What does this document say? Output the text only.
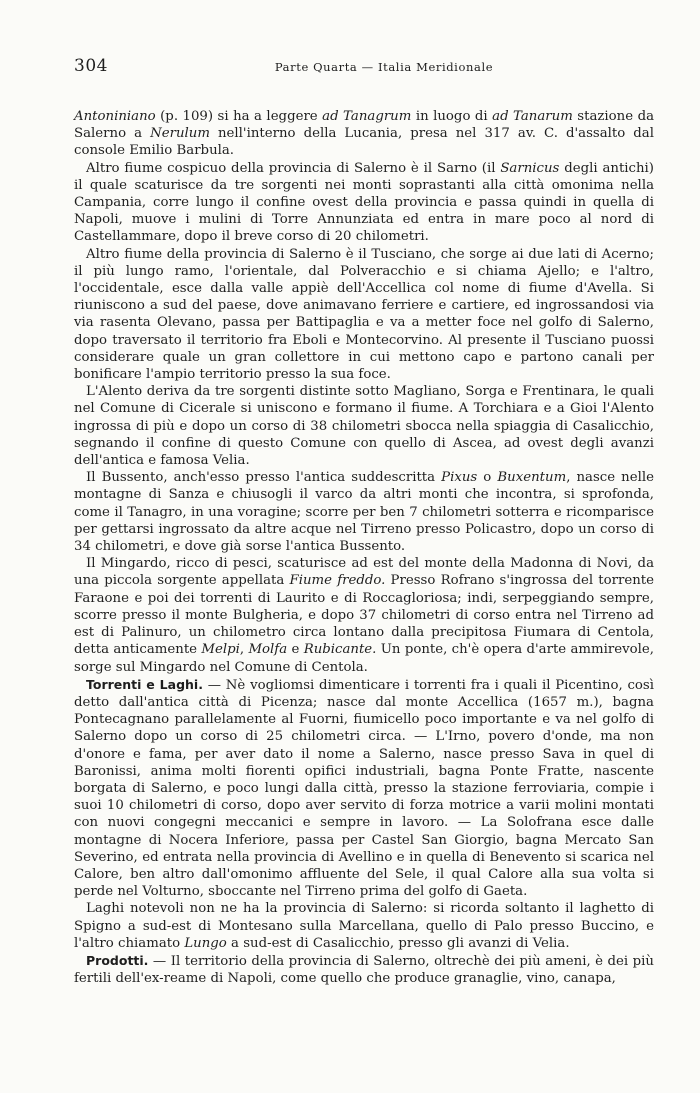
304	Parte Quarta — Italia Meridionale

Antoniniano (p. 109) si ha a leggere ad Tanagrum in luogo di ad Tanarum stazione da Salerno a Nerulum nell'interno della Lucania, presa nel 317 av. C. d'assalto dal console Emilio Barbula.

Altro fiume cospicuo della provincia di Salerno è il Sarno (il Sarnicus degli antichi) il quale scaturisce da tre sorgenti nei monti soprastanti alla città omonima nella Campania, corre lungo il confine ovest della provincia e passa quindi in quella di Napoli, muove i mulini di Torre Annunziata ed entra in mare poco al nord di Castellammare, dopo il breve corso di 20 chilometri.

Altro fiume della provincia di Salerno è il Tusciano, che sorge ai due lati di Acerno; il più lungo ramo, l'orientale, dal Polveracchio e si chiama Ajello; e l'altro, l'occidentale, esce dalla valle appiè dell'Accellica col nome di fiume d'Avella. Si riuniscono a sud del paese, dove animavano ferriere e cartiere, ed ingrossandosi via via rasenta Olevano, passa per Battipaglia e va a metter foce nel golfo di Salerno, dopo traversato il territorio fra Eboli e Montecorvino. Al presente il Tusciano puossi considerare quale un gran collettore in cui mettono capo e partono canali per bonificare l'ampio territorio presso la sua foce.

L'Alento deriva da tre sorgenti distinte sotto Magliano, Sorga e Frentinara, le quali nel Comune di Cicerale si uniscono e formano il fiume. A Torchiara e a Gioi l'Alento ingrossa di più e dopo un corso di 38 chilometri sbocca nella spiaggia di Casalicchio, segnando il confine di questo Comune con quello di Ascea, ad ovest degli avanzi dell'antica e famosa Velia.

Il Bussento, anch'esso presso l'antica suddescritta Pixus o Buxentum, nasce nelle montagne di Sanza e chiusogli il varco da altri monti che incontra, si sprofonda, come il Tanagro, in una voragine; scorre per ben 7 chilometri sotterra e ricomparisce per gettarsi ingrossato da altre acque nel Tirreno presso Policastro, dopo un corso di 34 chilometri, e dove già sorse l'antica Bussento.

Il Mingardo, ricco di pesci, scaturisce ad est del monte della Madonna di Novi, da una piccola sorgente appellata Fiume freddo. Presso Rofrano s'ingrossa del torrente Faraone e poi dei torrenti di Laurito e di Roccagloriosa; indi, serpeggiando sempre, scorre presso il monte Bulgheria, e dopo 37 chilometri di corso entra nel Tirreno ad est di Palinuro, un chilometro circa lontano dalla precipitosa Fiumara di Centola, detta anticamente Melpi, Molfa e Rubicante. Un ponte, ch'è opera d'arte ammirevole, sorge sul Mingardo nel Comune di Centola.

Torrenti e Laghi. — Nè vogliomsi dimenticare i torrenti fra i quali il Picentino, così detto dall'antica città di Picenza; nasce dal monte Accellica (1657 m.), bagna Pontecagnano parallelamente al Fuorni, fiumicello poco importante e va nel golfo di Salerno dopo un corso di 25 chilometri circa. — L'Irno, povero d'onde, ma non d'onore e fama, per aver dato il nome a Salerno, nasce presso Sava in quel di Baronissi, anima molti fiorenti opifici industriali, bagna Ponte Fratte, nascente borgata di Salerno, e poco lungi dalla città, presso la stazione ferroviaria, compie i suoi 10 chilometri di corso, dopo aver servito di forza motrice a varii molini montati con nuovi congegni meccanici e sempre in lavoro. — La Solofrana esce dalle montagne di Nocera Inferiore, passa per Castel San Giorgio, bagna Mercato San Severino, ed entrata nella provincia di Avellino e in quella di Benevento si scarica nel Calore, ben altro dall'omonimo affluente del Sele, il qual Calore alla sua volta si perde nel Volturno, sboccante nel Tirreno prima del golfo di Gaeta.

Laghi notevoli non ne ha la provincia di Salerno: si ricorda soltanto il laghetto di Spigno a sud-est di Montesano sulla Marcellana, quello di Palo presso Buccino, e l'altro chiamato Lungo a sud-est di Casalicchio, presso gli avanzi di Velia.

Prodotti. — Il territorio della provincia di Salerno, oltrechè dei più ameni, è dei più fertili dell'ex-reame di Napoli, come quello che produce granaglie, vino, canapa,
